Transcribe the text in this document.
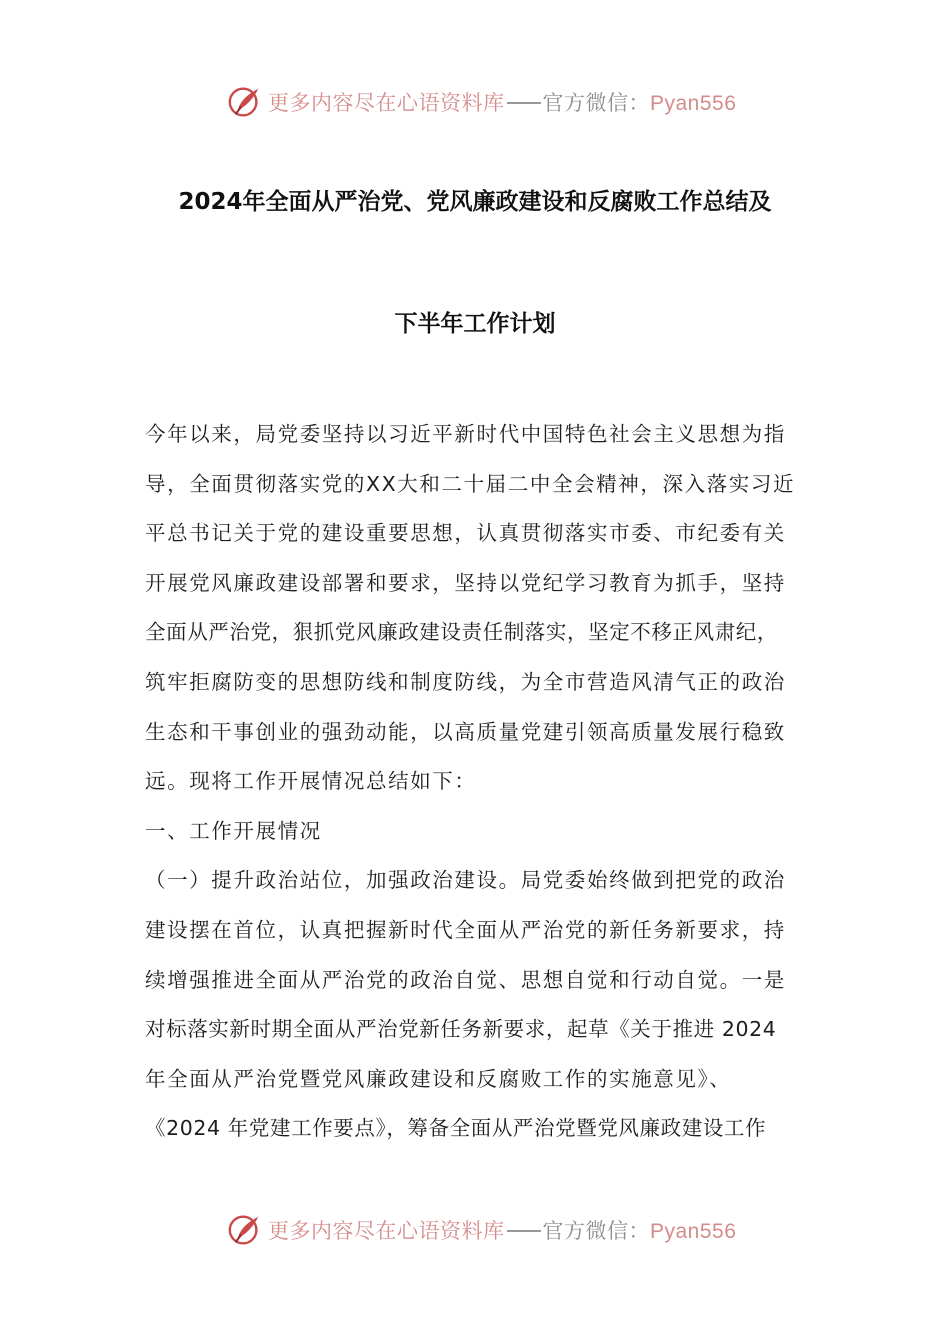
更多内容尽在心语资料库 官方微信：Pyan556
2024年全面从严治党、党风廉政建设和反腐败工作总结及
下半年工作计划
今年以来，局党委坚持以习近平新时代中国特色社会主义思想为指
导，全面贯彻落实党的XX大和二十届二中全会精神，深入落实习近
平总书记关于党的建设重要思想，认真贯彻落实市委、市纪委有关
开展党风廉政建设部署和要求，坚持以党纪学习教育为抓手，坚持
全面从严治党，狠抓党风廉政建设责任制落实，坚定不移正风肃纪，
筑牢拒腐防变的思想防线和制度防线，为全市营造风清气正的政治
生态和干事创业的强劲动能，以高质量党建引领高质量发展行稳致
远。现将工作开展情况总结如下：
一、工作开展情况
（一）提升政治站位，加强政治建设。局党委始终做到把党的政治
建设摆在首位，认真把握新时代全面从严治党的新任务新要求，持
续增强推进全面从严治党的政治自觉、思想自觉和行动自觉。一是
对标落实新时期全面从严治党新任务新要求，起草《关于推进 2024
年全面从严治党暨党风廉政建设和反腐败工作的实施意见》、
《2024 年党建工作要点》，筹备全面从严治党暨党风廉政建设工作
更多内容尽在心语资料库 官方微信：Pyan556
